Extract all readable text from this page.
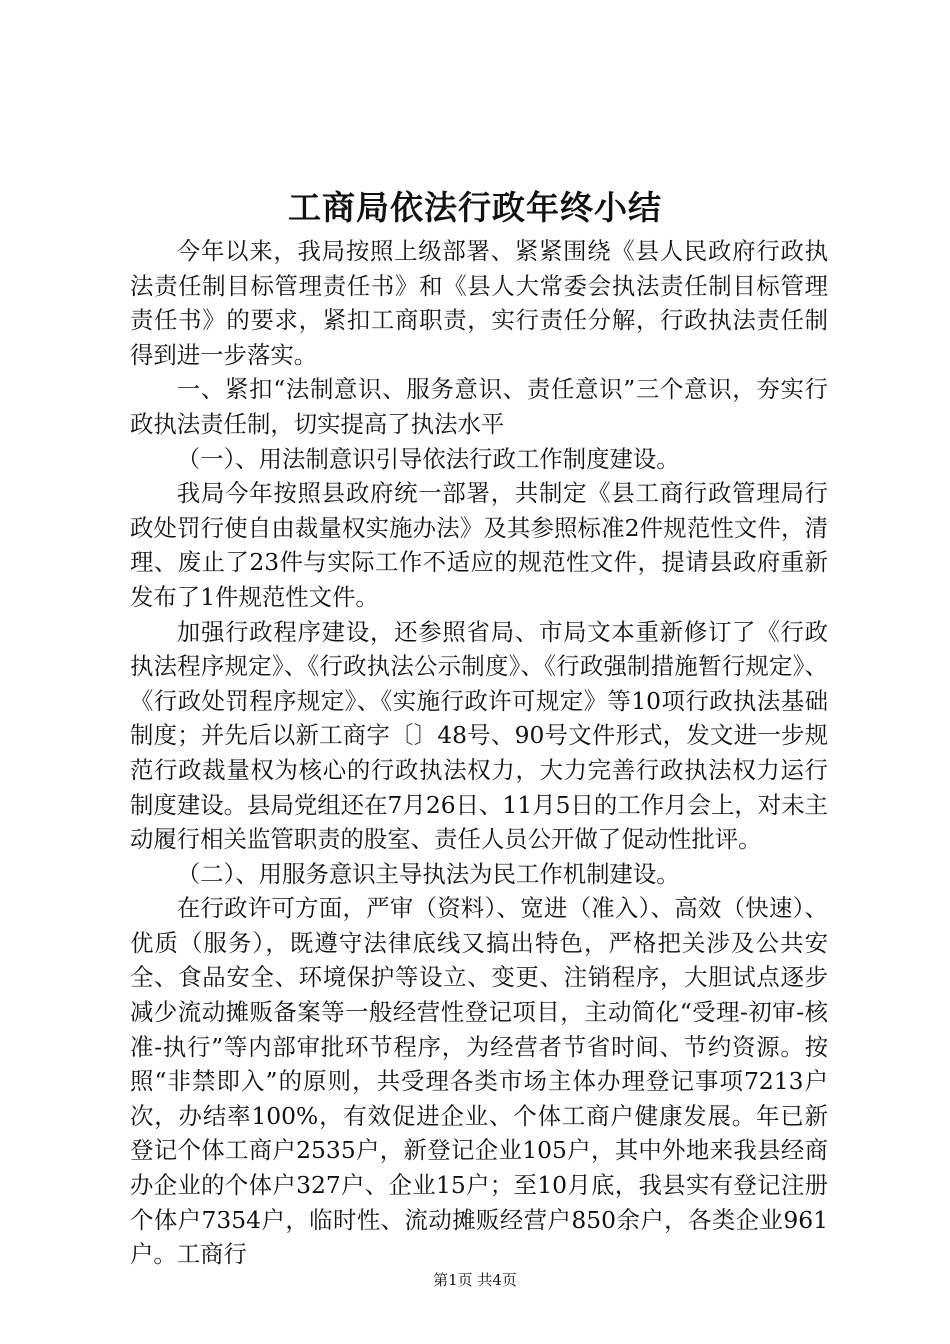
工商局依法行政年终小结

今年以来，我局按照上级部署、紧紧围绕《县人民政府行政执法责任制目标管理责任书》和《县人大常委会执法责任制目标管理责任书》的要求，紧扣工商职责，实行责任分解，行政执法责任制得到进一步落实。

一、紧扣“法制意识、服务意识、责任意识”三个意识，夯实行政执法责任制，切实提高了执法水平

（一）、用法制意识引导依法行政工作制度建设。

我局今年按照县政府统一部署，共制定《县工商行政管理局行政处罚行使自由裁量权实施办法》及其参照标准2件规范性文件，清理、废止了23件与实际工作不适应的规范性文件，提请县政府重新发布了1件规范性文件。

加强行政程序建设，还参照省局、市局文本重新修订了《行政执法程序规定》、《行政执法公示制度》、《行政强制措施暂行规定》、《行政处罚程序规定》、《实施行政许可规定》等10项行政执法基础制度；并先后以新工商字〔〕48号、90号文件形式，发文进一步规范行政裁量权为核心的行政执法权力，大力完善行政执法权力运行制度建设。县局党组还在7月26日、11月5日的工作月会上，对未主动履行相关监管职责的股室、责任人员公开做了促动性批评。

（二）、用服务意识主导执法为民工作机制建设。

在行政许可方面，严审（资料）、宽进（准入）、高效（快速）、优质（服务），既遵守法律底线又搞出特色，严格把关涉及公共安全、食品安全、环境保护等设立、变更、注销程序，大胆试点逐步减少流动摊贩备案等一般经营性登记项目，主动简化“受理-初审-核准-执行”等内部审批环节程序，为经营者节省时间、节约资源。按照“非禁即入”的原则，共受理各类市场主体办理登记事项7213户次，办结率100%，有效促进企业、个体工商户健康发展。年已新登记个体工商户2535户，新登记企业105户，其中外地来我县经商办企业的个体户327户、企业15户；至10月底，我县实有登记注册个体户7354户，临时性、流动摊贩经营户850余户，各类企业961户。工商行

第1页 共4页
